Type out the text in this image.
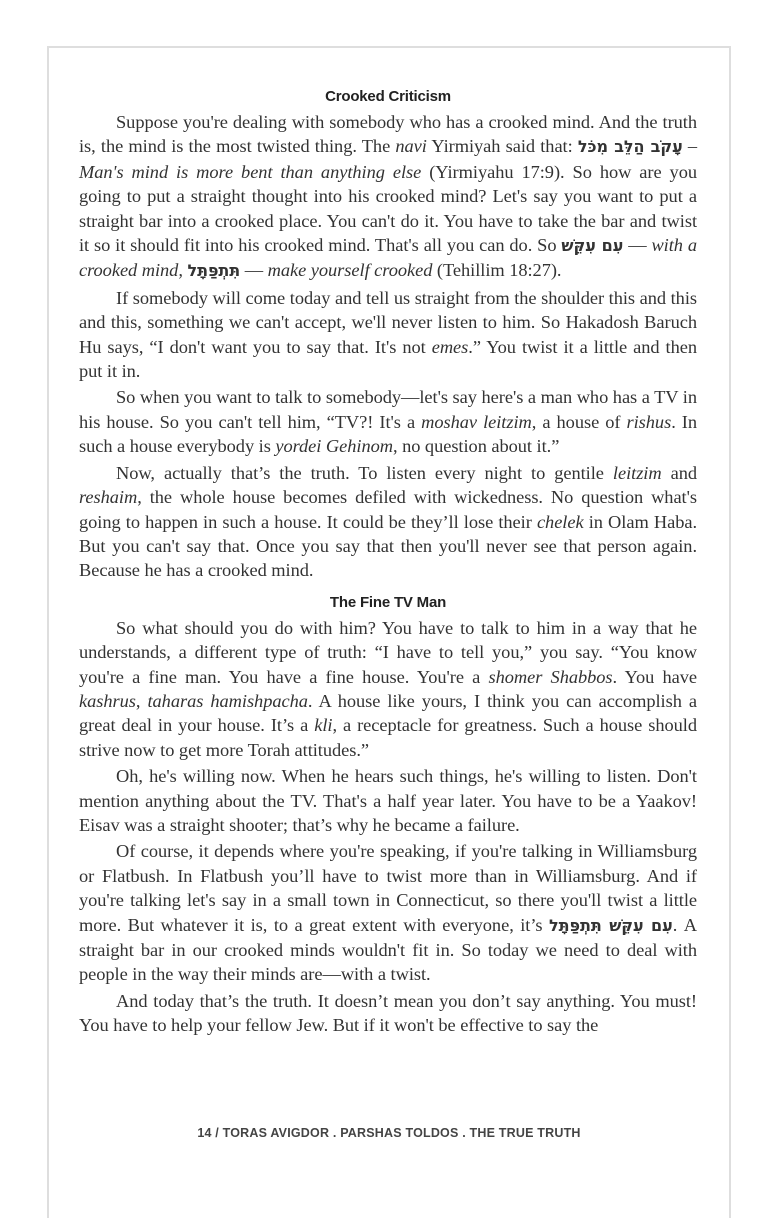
Crooked Criticism

Suppose you're dealing with somebody who has a crooked mind. And the truth is, the mind is the most twisted thing. The navi Yirmiyah said that: עָקֹב הַלֵּב מִכֹּל – Man's mind is more bent than anything else (Yirmiyahu 17:9). So how are you going to put a straight thought into his crooked mind? Let's say you want to put a straight bar into a crooked place. You can't do it. You have to take the bar and twist it so it should fit into his crooked mind. That's all you can do. So עִם עִקֵּשׁ — with a crooked mind, תִּתְפַּתָּל — make yourself crooked (Tehillim 18:27).

If somebody will come today and tell us straight from the shoulder this and this and this, something we can't accept, we'll never listen to him. So Hakadosh Baruch Hu says, “I don't want you to say that. It's not emes.” You twist it a little and then put it in.

So when you want to talk to somebody—let's say here's a man who has a TV in his house. So you can't tell him, “TV?! It's a moshav leitzim, a house of rishus. In such a house everybody is yordei Gehinom, no question about it.”

Now, actually that’s the truth. To listen every night to gentile leitzim and reshaim, the whole house becomes defiled with wickedness. No question what's going to happen in such a house. It could be they’ll lose their chelek in Olam Haba. But you can't say that. Once you say that then you'll never see that person again. Because he has a crooked mind.

The Fine TV Man

So what should you do with him? You have to talk to him in a way that he understands, a different type of truth: “I have to tell you,” you say. “You know you're a fine man. You have a fine house. You're a shomer Shabbos. You have kashrus, taharas hamishpacha. A house like yours, I think you can accomplish a great deal in your house. It’s a kli, a receptacle for greatness. Such a house should strive now to get more Torah attitudes.”

Oh, he's willing now. When he hears such things, he's willing to listen. Don't mention anything about the TV. That's a half year later. You have to be a Yaakov! Eisav was a straight shooter; that’s why he became a failure.

Of course, it depends where you're speaking, if you're talking in Williamsburg or Flatbush. In Flatbush you’ll have to twist more than in Williamsburg. And if you're talking let's say in a small town in Connecticut, so there you'll twist a little more. But whatever it is, to a great extent with everyone, it’s עִם עִקֵּשׁ תִּתְפַּתָּל. A straight bar in our crooked minds wouldn't fit in. So today we need to deal with people in the way their minds are—with a twist.

And today that’s the truth. It doesn’t mean you don’t say anything. You must! You have to help your fellow Jew. But if it won't be effective to say the

14 / TORAS AVIGDOR . PARSHAS TOLDOS . THE TRUE TRUTH
